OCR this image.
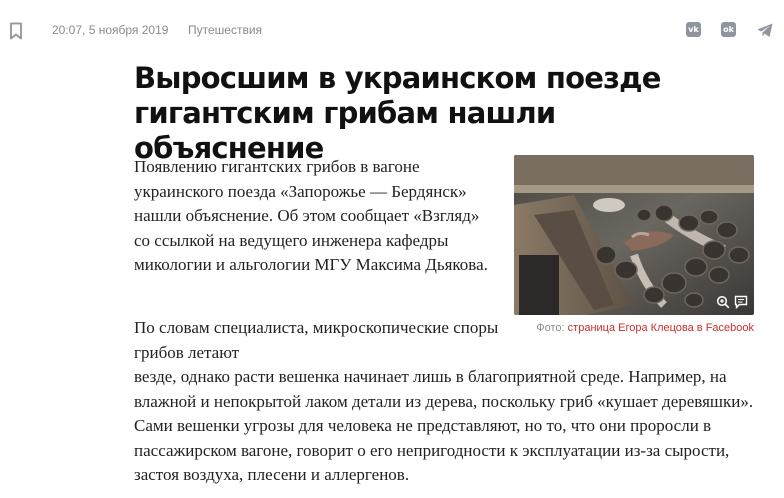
20:07, 5 ноября 2019 Путешествия	vk	ok
Выросшим в украинском поезде гигантским грибам нашли объяснение

Появлению гигантских грибов в вагоне украинского поезда «Запорожье — Бердянск» нашли объяснение. Об этом сообщает «Взгляд» со ссылкой на ведущего инженера кафедры микологии и альгологии МГУ Максима Дьякова.

Фото: страница Егора Клецова в Facebook

По словам специалиста, микроскопические споры грибов летают
везде, однако расти вешенка начинает лишь в благоприятной среде. Например, на влажной и непокрытой лаком детали из дерева, поскольку гриб «кушает деревяшки». Сами вешенки угрозы для человека не представляют, но то, что они проросли в пассажирском вагоне, говорит о его непригодности к эксплуатации из-за сырости, застоя воздуха, плесени и аллергенов.
